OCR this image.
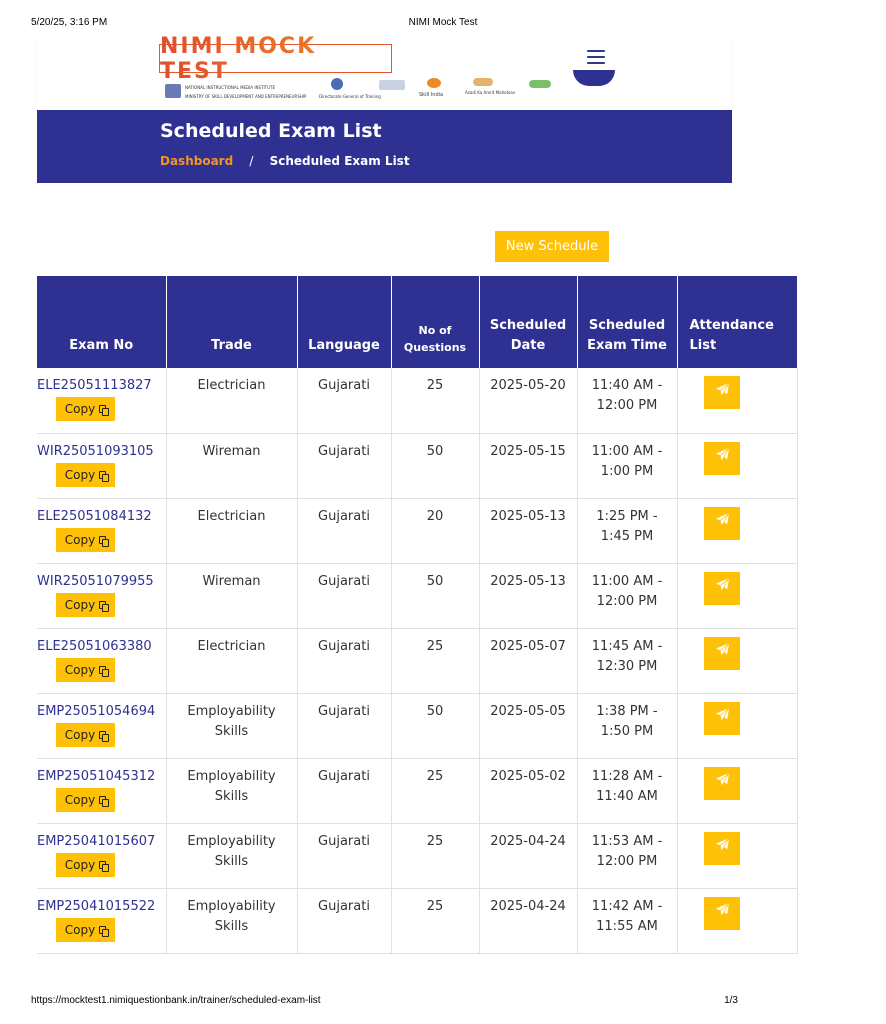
5/20/25, 3:16 PM	NIMI Mock Test
NIMI MOCK TEST
NATIONAL INSTRUCTIONAL MEDIA INSTITUTE
MINISTRY OF SKILL DEVELOPMENT AND ENTREPRENEURSHIP	Directorate General of Training	Skill India	Azadi Ka Amrit Mahotsav
Scheduled Exam List
Dashboard / Scheduled Exam List
New Schedule
Exam No	Trade	Language	No of Questions	Scheduled Date	Scheduled Exam Time	Attendance List

ELE25051113827
Copy	Electrician	Gujarati	25	2025-05-20	11:40 AM - 12:00 PM	

WIR25051093105
Copy	Wireman	Gujarati	50	2025-05-15	11:00 AM - 1:00 PM	

ELE25051084132
Copy	Electrician	Gujarati	20	2025-05-13	1:25 PM - 1:45 PM	

WIR25051079955
Copy	Wireman	Gujarati	50	2025-05-13	11:00 AM - 12:00 PM	

ELE25051063380
Copy	Electrician	Gujarati	25	2025-05-07	11:45 AM - 12:30 PM	

EMP25051054694
Copy	Employability Skills	Gujarati	50	2025-05-05	1:38 PM - 1:50 PM	

EMP25051045312
Copy	Employability Skills	Gujarati	25	2025-05-02	11:28 AM - 11:40 AM	

EMP25041015607
Copy	Employability Skills	Gujarati	25	2025-04-24	11:53 AM - 12:00 PM	

EMP25041015522
Copy	Employability Skills	Gujarati	25	2025-04-24	11:42 AM - 11:55 AM	
https://mocktest1.nimiquestionbank.in/trainer/scheduled-exam-list	1/3
